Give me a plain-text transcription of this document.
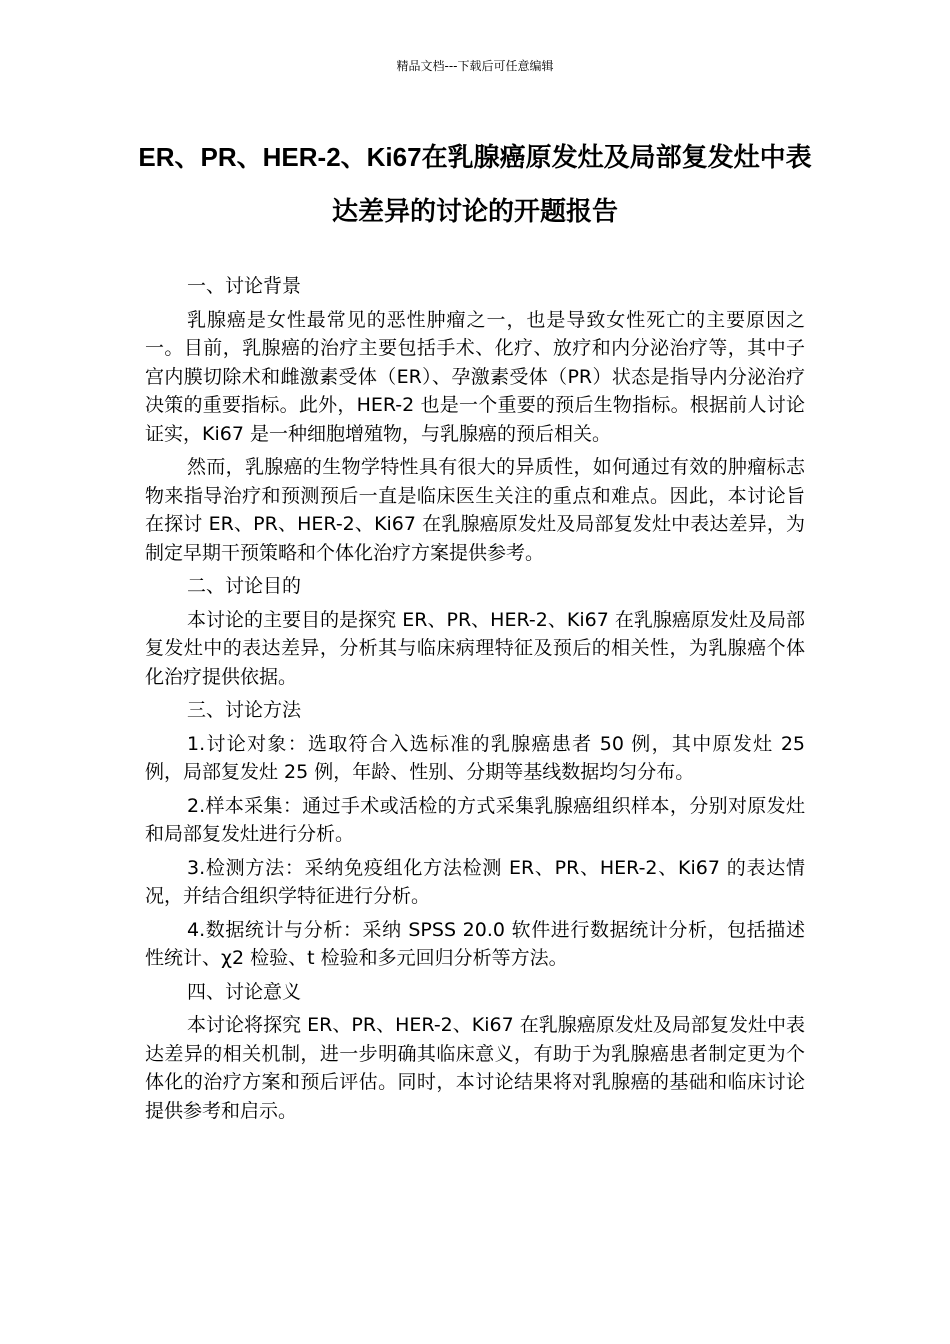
精品文档---下载后可任意编辑
ER、PR、HER-2、Ki67在乳腺癌原发灶及局部复发灶中表达差异的讨论的开题报告

一、讨论背景

乳腺癌是女性最常见的恶性肿瘤之一，也是导致女性死亡的主要原因之一。目前，乳腺癌的治疗主要包括手术、化疗、放疗和内分泌治疗等，其中子宫内膜切除术和雌激素受体（ER）、孕激素受体（PR）状态是指导内分泌治疗决策的重要指标。此外，HER-2 也是一个重要的预后生物指标。根据前人讨论证实，Ki67 是一种细胞增殖物，与乳腺癌的预后相关。

然而，乳腺癌的生物学特性具有很大的异质性，如何通过有效的肿瘤标志物来指导治疗和预测预后一直是临床医生关注的重点和难点。因此，本讨论旨在探讨 ER、PR、HER-2、Ki67 在乳腺癌原发灶及局部复发灶中表达差异，为制定早期干预策略和个体化治疗方案提供参考。

二、讨论目的

本讨论的主要目的是探究 ER、PR、HER-2、Ki67 在乳腺癌原发灶及局部复发灶中的表达差异，分析其与临床病理特征及预后的相关性，为乳腺癌个体化治疗提供依据。

三、讨论方法

1.讨论对象：选取符合入选标准的乳腺癌患者 50 例，其中原发灶 25 例，局部复发灶 25 例，年龄、性别、分期等基线数据均匀分布。

2.样本采集：通过手术或活检的方式采集乳腺癌组织样本，分别对原发灶和局部复发灶进行分析。

3.检测方法：采纳免疫组化方法检测 ER、PR、HER-2、Ki67 的表达情况，并结合组织学特征进行分析。

4.数据统计与分析：采纳 SPSS 20.0 软件进行数据统计分析，包括描述性统计、χ2 检验、t 检验和多元回归分析等方法。

四、讨论意义

本讨论将探究 ER、PR、HER-2、Ki67 在乳腺癌原发灶及局部复发灶中表达差异的相关机制，进一步明确其临床意义，有助于为乳腺癌患者制定更为个体化的治疗方案和预后评估。同时，本讨论结果将对乳腺癌的基础和临床讨论提供参考和启示。
